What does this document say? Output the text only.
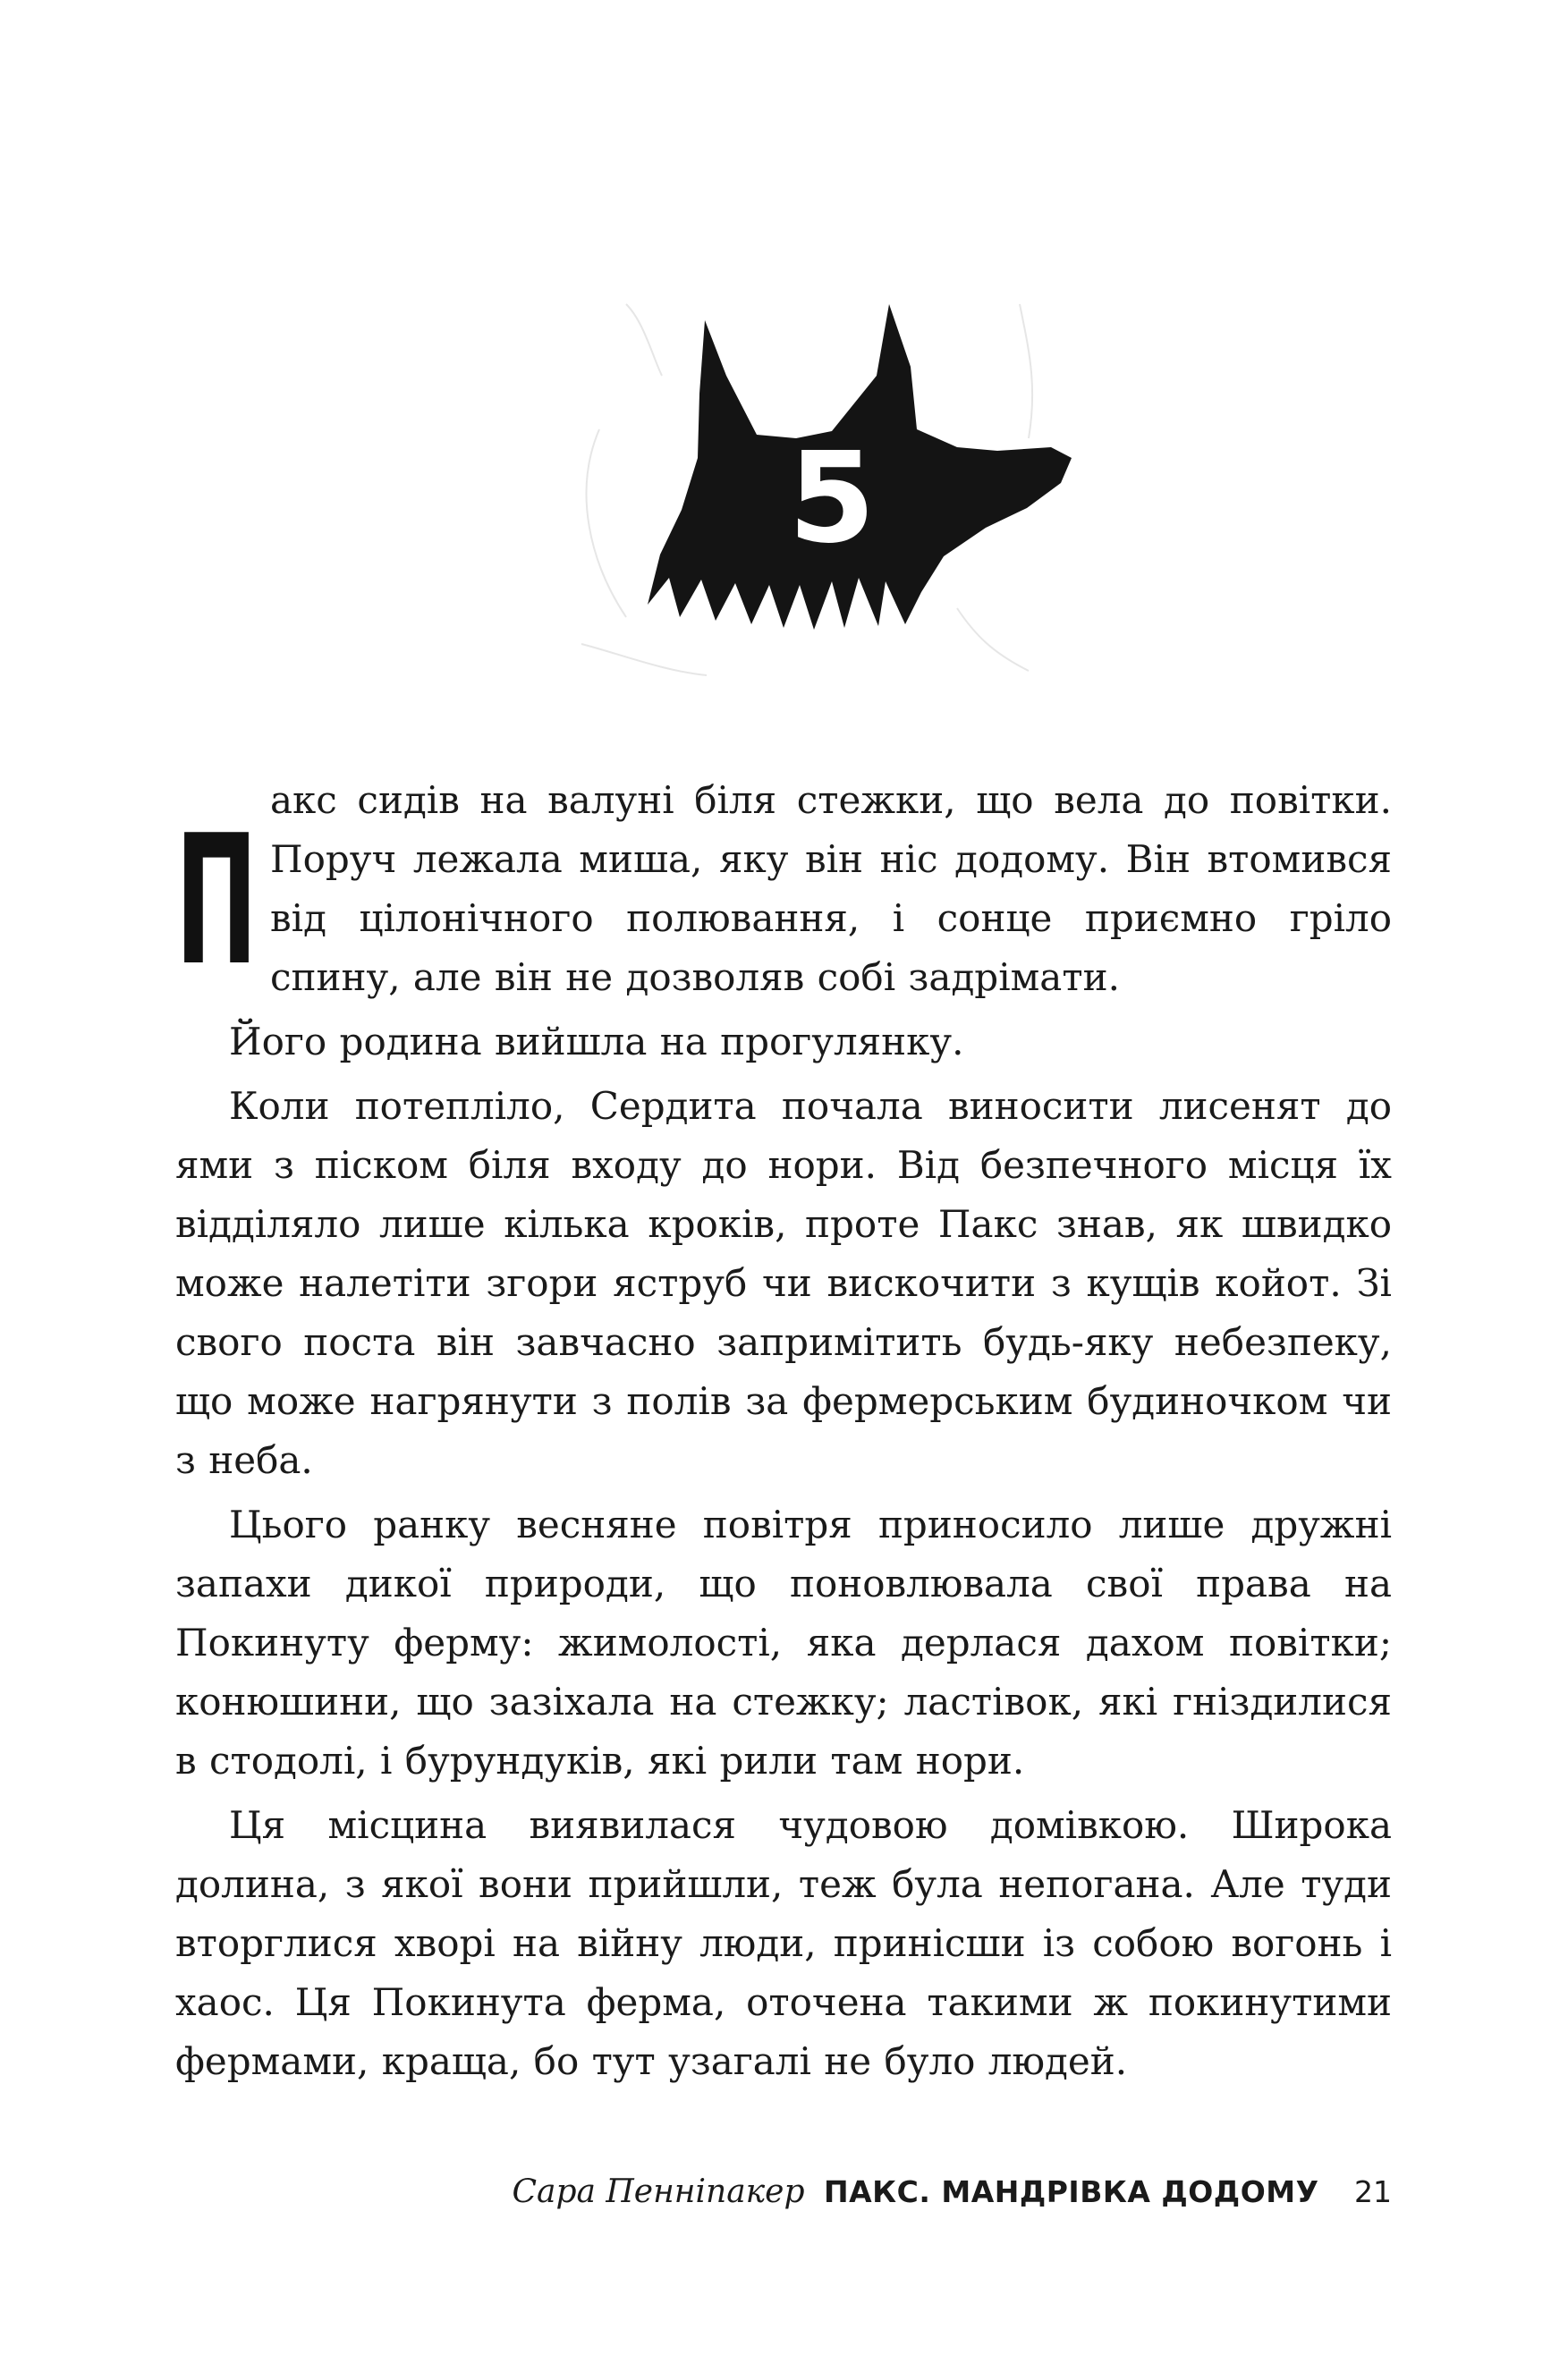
5

П акс сидів на валуні біля стежки, що вела до повітки. Поруч лежала миша, яку він ніс додому. Він втомився від цілонічного полювання, і сонце приємно гріло спину, але він не дозволяв собі задрімати.

Його родина вийшла на прогулянку.

Коли потепліло, Сердита почала виносити лисенят до ями з піском біля входу до нори. Від безпечного місця їх відділяло лише кілька кроків, проте Пакс знав, як швидко може налетіти згори яструб чи вискочити з кущів койот. Зі свого поста він завчасно запримітить будь-яку небезпеку, що може нагрянути з полів за фермерським будиночком чи з неба.

Цього ранку весняне повітря приносило лише дружні запахи дикої природи, що поновлювала свої права на Покинуту ферму: жимолості, яка дерлася дахом повітки; конюшини, що зазіхала на стежку; ластівок, які гніздилися в стодолі, і бурундуків, які рили там нори.

Ця місцина виявилася чудовою домівкою. Широка долина, з якої вони прийшли, теж була непогана. Але туди вторглися хворі на війну люди, принісши із собою вогонь і хаос. Ця Покинута ферма, оточена такими ж покинутими фермами, краща, бо тут узагалі не було людей.

Сара Пенніпакер ПАКС. МАНДРІВКА ДОДОМУ 21
